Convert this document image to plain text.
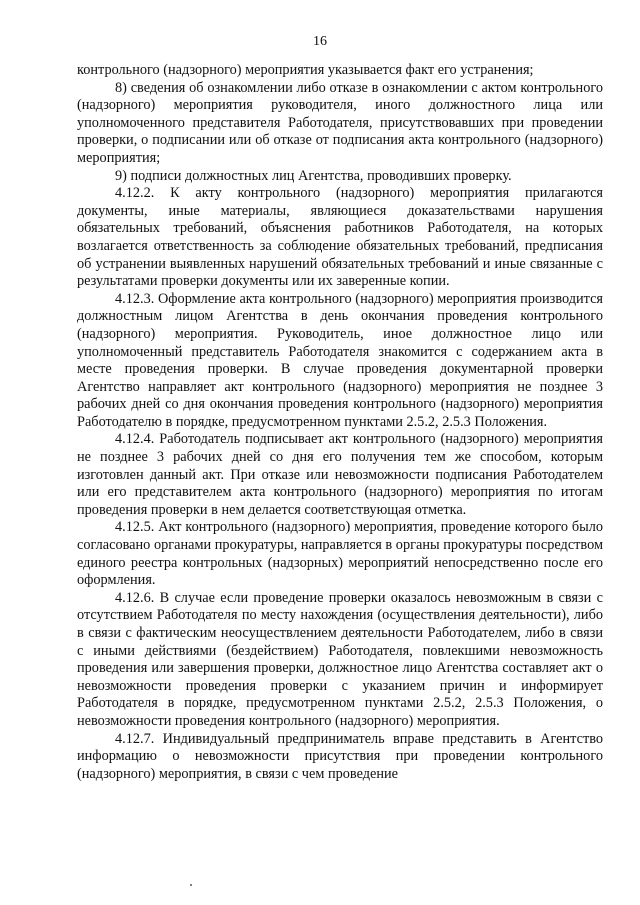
16

контрольного (надзорного) мероприятия указывается факт его устранения;

8) сведения об ознакомлении либо отказе в ознакомлении с актом контрольного (надзорного) мероприятия руководителя, иного должностного лица или уполномоченного представителя Работодателя, присутствовавших при проведении проверки, о подписании или об отказе от подписания акта контрольного (надзорного) мероприятия;

9) подписи должностных лиц Агентства, проводивших проверку.

4.12.2. К акту контрольного (надзорного) мероприятия прилагаются документы, иные материалы, являющиеся доказательствами нарушения обязательных требований, объяснения работников Работодателя, на которых возлагается ответственность за соблюдение обязательных требований, предписания об устранении выявленных нарушений обязательных требований и иные связанные с результатами проверки документы или их заверенные копии.

4.12.3. Оформление акта контрольного (надзорного) мероприятия производится должностным лицом Агентства в день окончания проведения контрольного (надзорного) мероприятия. Руководитель, иное должностное лицо или уполномоченный представитель Работодателя знакомится с содержанием акта в месте проведения проверки. В случае проведения документарной проверки Агентство направляет акт контрольного (надзорного) мероприятия не позднее 3 рабочих дней со дня окончания проведения контрольного (надзорного) мероприятия Работодателю в порядке, предусмотренном пунктами 2.5.2, 2.5.3 Положения.

4.12.4. Работодатель подписывает акт контрольного (надзорного) мероприятия не позднее 3 рабочих дней со дня его получения тем же способом, которым изготовлен данный акт. При отказе или невозможности подписания Работодателем или его представителем акта контрольного (надзорного) мероприятия по итогам проведения проверки в нем делается соответствующая отметка.

4.12.5. Акт контрольного (надзорного) мероприятия, проведение которого было согласовано органами прокуратуры, направляется в органы прокуратуры посредством единого реестра контрольных (надзорных) мероприятий непосредственно после его оформления.

4.12.6. В случае если проведение проверки оказалось невозможным в связи с отсутствием Работодателя по месту нахождения (осуществления деятельности), либо в связи с фактическим неосуществлением деятельности Работодателем, либо в связи с иными действиями (бездействием) Работодателя, повлекшими невозможность проведения или завершения проверки, должностное лицо Агентства составляет акт о невозможности проведения проверки с указанием причин и информирует Работодателя в порядке, предусмотренном пунктами 2.5.2, 2.5.3 Положения, о невозможности проведения контрольного (надзорного) мероприятия.

4.12.7. Индивидуальный предприниматель вправе представить в Агентство информацию о невозможности присутствия при проведении контрольного (надзорного) мероприятия, в связи с чем проведение
